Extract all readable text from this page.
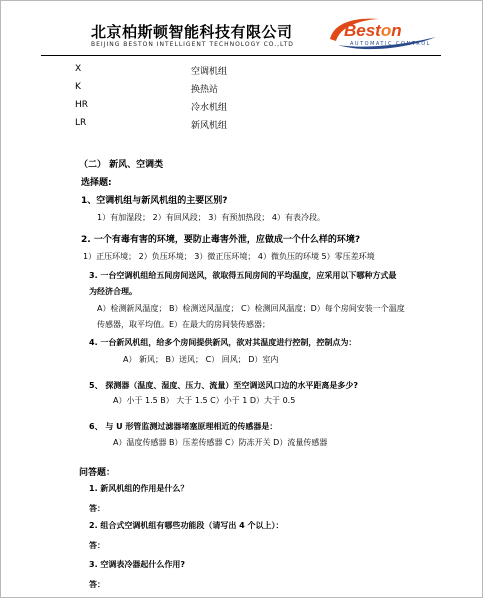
北京柏斯顿智能科技有限公司
BEIJING BESTON INTELLIGENT TECHNOLOGY CO.,LTD
Beston
AUTOMATIC CONTROL
X	空调机组
K	换热站
HR	冷水机组
LR	新风机组
（二） 新风、空调类
选择题:
1、空调机组与新风机组的主要区别?
1）有加湿段； 2）有回风段； 3）有预加热段； 4）有表冷段。
2. 一个有毒有害的环境，要防止毒害外泄，应做成一个什么样的环境?
1）正压环境； 2）负压环境； 3）微正压环境； 4）微负压的环境 5）零压差环境
3. 一台空调机组给五间房间送风，欲取得五间房间的平均温度，应采用以下哪种方式最
为经济合理。
A）检测新风温度； B）检测送风温度； C）检测回风温度；D）每个房间安装一个温度
传感器，取平均值。E）在最大的房间装传感器；
4. 一台新风机组，给多个房间提供新风，欲对其温度进行控制，控制点为：
A） 新风； B）送风； C） 回风； D）室内
5、 探测器（温度、湿度、压力、流量）至空调送风口边的水平距离是多少?
A）小于 1.5 B） 大于 1.5 C）小于 1 D）大于 0.5
6、 与 U 形管监测过滤器堵塞原理相近的传感器是：
A）温度传感器 B）压差传感器 C）防冻开关 D）流量传感器
问答题：
1. 新风机组的作用是什么？
答：
2. 组合式空调机组有哪些功能段（请写出 4 个以上）：
答：
3. 空调表冷器起什么作用?
答：
